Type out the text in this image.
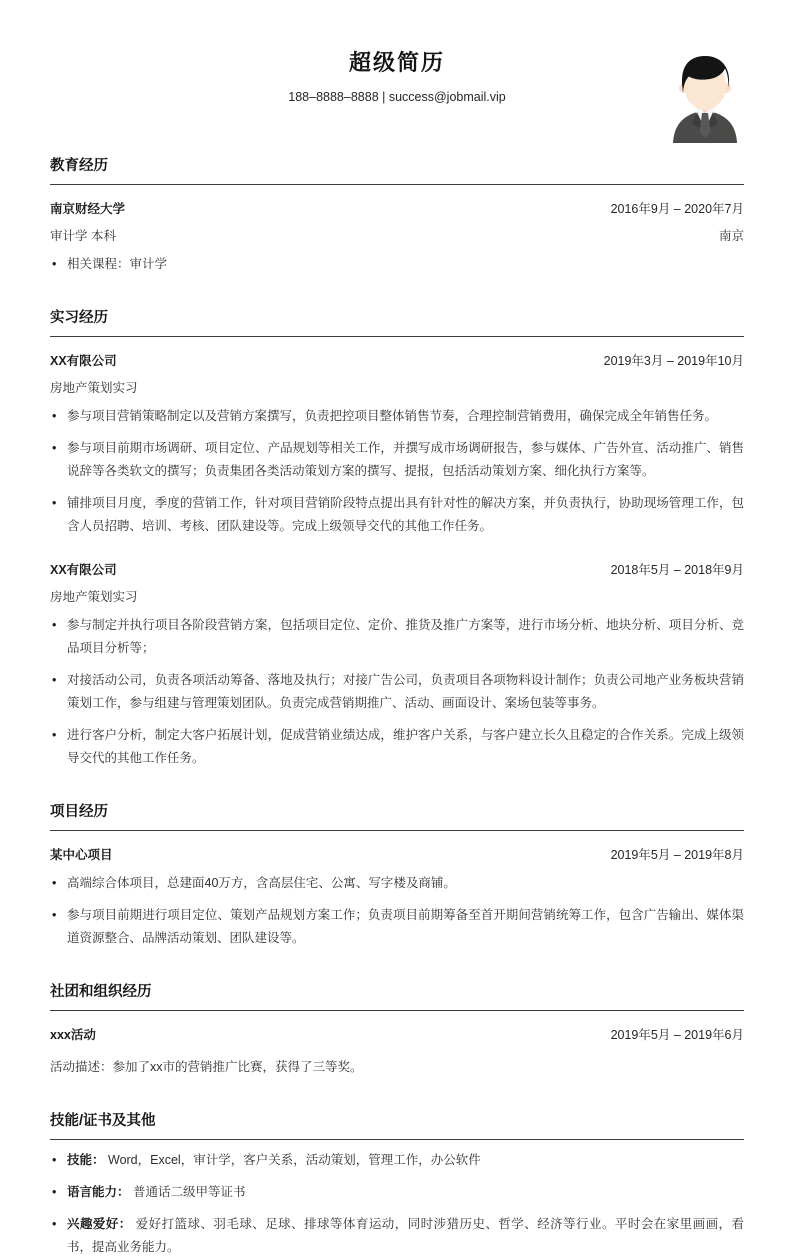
超级简历
188–8888–8888 | success@jobmail.vip
教育经历
南京财经大学	2016年9月 – 2020年7月
审计学 本科	南京
• 相关课程：审计学
实习经历
XX有限公司	2019年3月 – 2019年10月
房地产策划实习
• 参与项目营销策略制定以及营销方案撰写，负责把控项目整体销售节奏，合理控制营销费用，确保完成全年销售任务。
• 参与项目前期市场调研、项目定位、产品规划等相关工作，并撰写成市场调研报告，参与媒体、广告外宣、活动推广、销售说辞等各类软文的撰写；负责集团各类活动策划方案的撰写、提报，包括活动策划方案、细化执行方案等。
• 铺排项目月度，季度的营销工作，针对项目营销阶段特点提出具有针对性的解决方案，并负责执行，协助现场管理工作，包含人员招聘、培训、考核、团队建设等。完成上级领导交代的其他工作任务。
XX有限公司	2018年5月 – 2018年9月
房地产策划实习
• 参与制定并执行项目各阶段营销方案，包括项目定位、定价、推货及推广方案等，进行市场分析、地块分析、项目分析、竞品项目分析等；
• 对接活动公司，负责各项活动筹备、落地及执行；对接广告公司，负责项目各项物料设计制作；负责公司地产业务板块营销策划工作，参与组建与管理策划团队。负责完成营销期推广、活动、画面设计、案场包装等事务。
• 进行客户分析，制定大客户拓展计划，促成营销业绩达成，维护客户关系，与客户建立长久且稳定的合作关系。完成上级领导交代的其他工作任务。
项目经历
某中心项目	2019年5月 – 2019年8月
• 高端综合体项目，总建面40万方，含高层住宅、公寓、写字楼及商铺。
• 参与项目前期进行项目定位、策划产品规划方案工作；负责项目前期筹备至首开期间营销统筹工作，包含广告输出、媒体渠道资源整合、品牌活动策划、团队建设等。
社团和组织经历
xxx活动	2019年5月 – 2019年6月
活动描述：参加了xx市的营销推广比赛，获得了三等奖。
技能/证书及其他
• 技能： Word，Excel，审计学，客户关系，活动策划，管理工作，办公软件
• 语言能力： 普通话二级甲等证书
• 兴趣爱好： 爱好打篮球、羽毛球、足球、排球等体育运动，同时涉猎历史、哲学、经济等行业。平时会在家里画画，看书，提高业务能力。
